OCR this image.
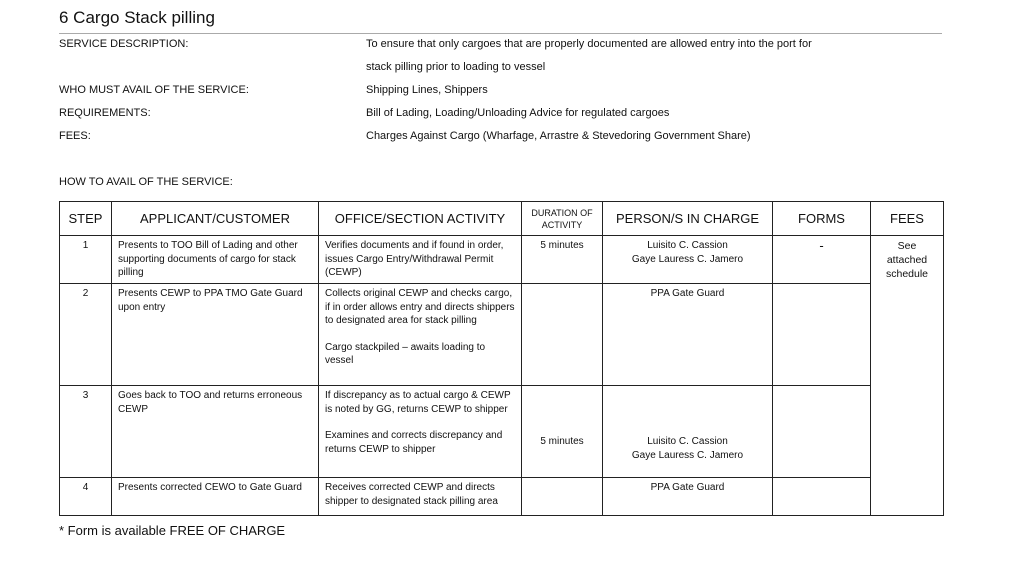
6 Cargo Stack pilling
SERVICE DESCRIPTION:	To ensure that only cargoes that are properly documented are allowed entry into the port for
stack pilling prior to loading to vessel
WHO MUST AVAIL OF THE SERVICE:	Shipping Lines, Shippers
REQUIREMENTS:	Bill of Lading, Loading/Unloading Advice for regulated cargoes
FEES:	Charges Against Cargo (Wharfage, Arrastre & Stevedoring Government Share)
HOW TO AVAIL OF THE SERVICE:
STEP	APPLICANT/CUSTOMER	OFFICE/SECTION ACTIVITY	DURATION OF ACTIVITY	PERSON/S IN CHARGE	FORMS	FEES
1	Presents to TOO Bill of Lading and other supporting documents of cargo for stack pilling	Verifies documents and if found in order, issues Cargo Entry/Withdrawal Permit (CEWP)	5 minutes	Luisito C. Cassion
Gaye Lauress C. Jamero	-	See attached schedule
2	Presents CEWP to PPA TMO Gate Guard upon entry	Collects original CEWP and checks cargo, if in order allows entry and directs shippers to designated area for stack pilling
Cargo stackpiled – awaits loading to vessel		PPA Gate Guard		
3	Goes back to TOO and returns erroneous CEWP	If discrepancy as to actual cargo & CEWP is noted by GG, returns CEWP to shipper
Examines and corrects discrepancy and returns CEWP to shipper	5 minutes	Luisito C. Cassion
Gaye Lauress C. Jamero		
4	Presents corrected CEWO to Gate Guard	Receives corrected CEWP and directs shipper to designated stack pilling area		PPA Gate Guard		
* Form is available FREE OF CHARGE
